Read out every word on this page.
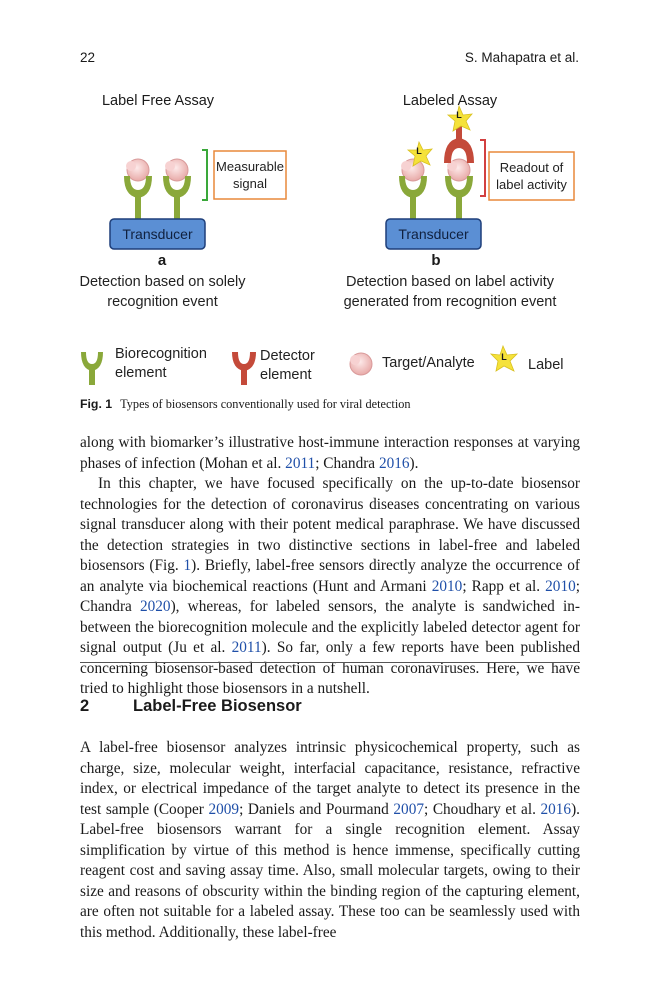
22	S. Mahapatra et al.
Label Free Assay
Measurable
signal
Transducer
a
Detection based on solely
recognition event
Labeled Assay
L
L
Readout of
label activity
Transducer
b
Detection based on label activity
generated from recognition event
Biorecognition
element
Detector
element
Target/Analyte	L Label
Fig. 1 Types of biosensors conventionally used for viral detection

along with biomarker’s illustrative host-immune interaction responses at varying phases of infection (Mohan et al. 2011; Chandra 2016).

In this chapter, we have focused specifically on the up-to-date biosensor technologies for the detection of coronavirus diseases concentrating on various signal transducer along with their potent medical paraphrase. We have discussed the detection strategies in two distinctive sections in label-free and labeled biosensors (Fig. 1). Briefly, label-free sensors directly analyze the occurrence of an analyte via biochemical reactions (Hunt and Armani 2010; Rapp et al. 2010; Chandra 2020), whereas, for labeled sensors, the analyte is sandwiched in-between the biorecognition molecule and the explicitly labeled detector agent for signal output (Ju et al. 2011). So far, only a few reports have been published concerning biosensor-based detection of human coronaviruses. Here, we have tried to highlight those biosensors in a nutshell.

2	Label-Free Biosensor

A label-free biosensor analyzes intrinsic physicochemical property, such as charge, size, molecular weight, interfacial capacitance, resistance, refractive index, or electrical impedance of the target analyte to detect its presence in the test sample (Cooper 2009; Daniels and Pourmand 2007; Choudhary et al. 2016). Label-free biosensors warrant for a single recognition element. Assay simplification by virtue of this method is hence immense, specifically cutting reagent cost and saving assay time. Also, small molecular targets, owing to their size and reasons of obscurity within the binding region of the capturing element, are often not suitable for a labeled assay. These too can be seamlessly used with this method. Additionally, these label-free
